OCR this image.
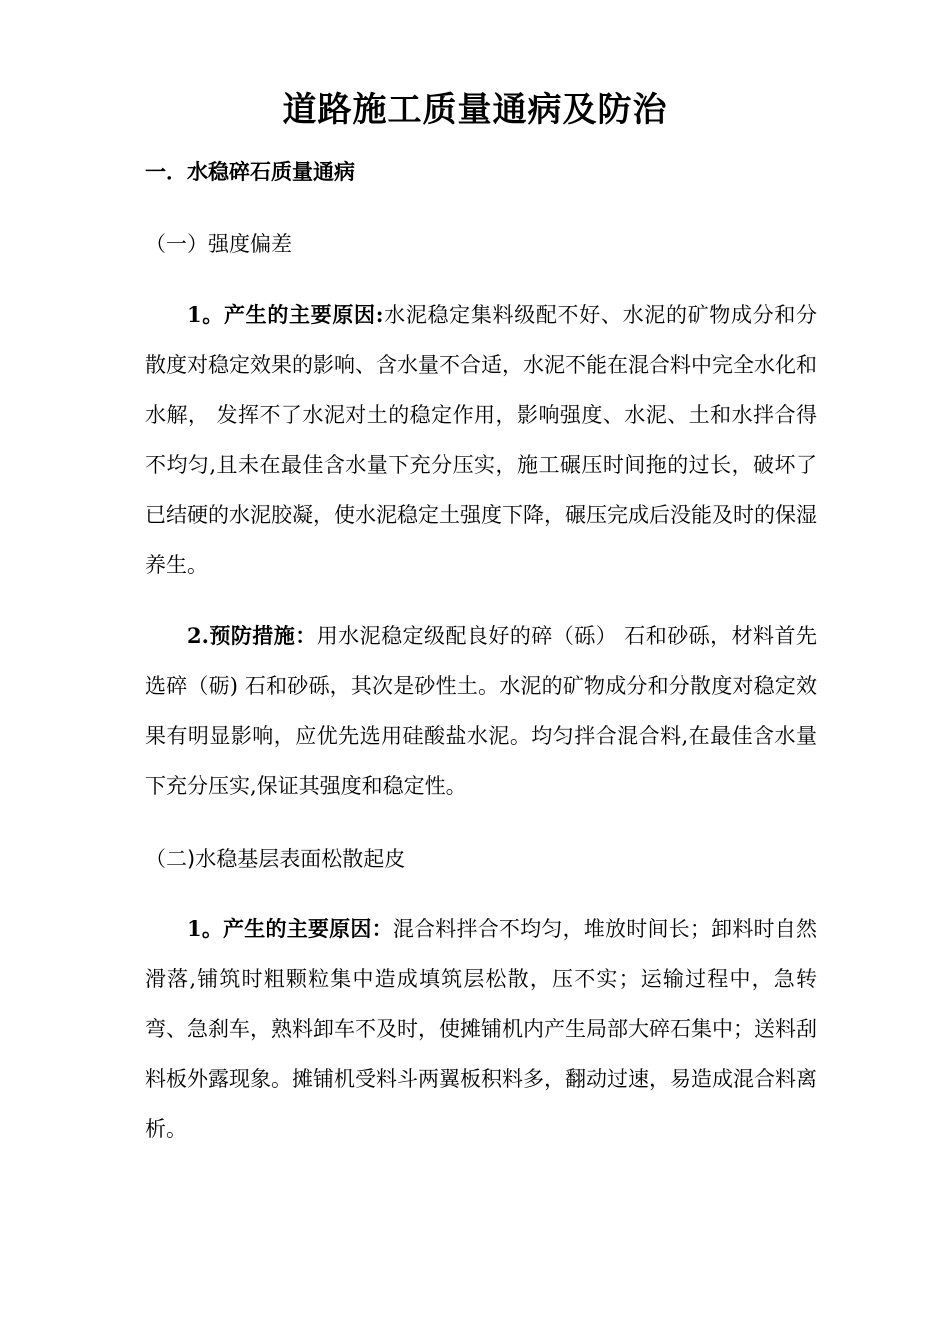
道路施工质量通病及防治
一．水稳碎石质量通病
（一）强度偏差
1。产生的主要原因:水泥稳定集料级配不好、水泥的矿物成分和分散度对稳定效果的影响、含水量不合适，水泥不能在混合料中完全水化和水解， 发挥不了水泥对土的稳定作用，影响强度、水泥、土和水拌合得不均匀,且未在最佳含水量下充分压实，施工碾压时间拖的过长，破坏了已结硬的水泥胶凝，使水泥稳定土强度下降，碾压完成后没能及时的保湿养生。
2.预防措施：用水泥稳定级配良好的碎（砾） 石和砂砾，材料首先选碎（砺) 石和砂砾，其次是砂性土。水泥的矿物成分和分散度对稳定效果有明显影响，应优先选用硅酸盐水泥。均匀拌合混合料,在最佳含水量下充分压实,保证其强度和稳定性。
（二)水稳基层表面松散起皮
1。产生的主要原因：混合料拌合不均匀，堆放时间长；卸料时自然滑落,铺筑时粗颗粒集中造成填筑层松散，压不实；运输过程中，急转弯、急刹车，熟料卸车不及时，使摊铺机内产生局部大碎石集中；送料刮料板外露现象。摊铺机受料斗两翼板积料多，翻动过速，易造成混合料离析。
